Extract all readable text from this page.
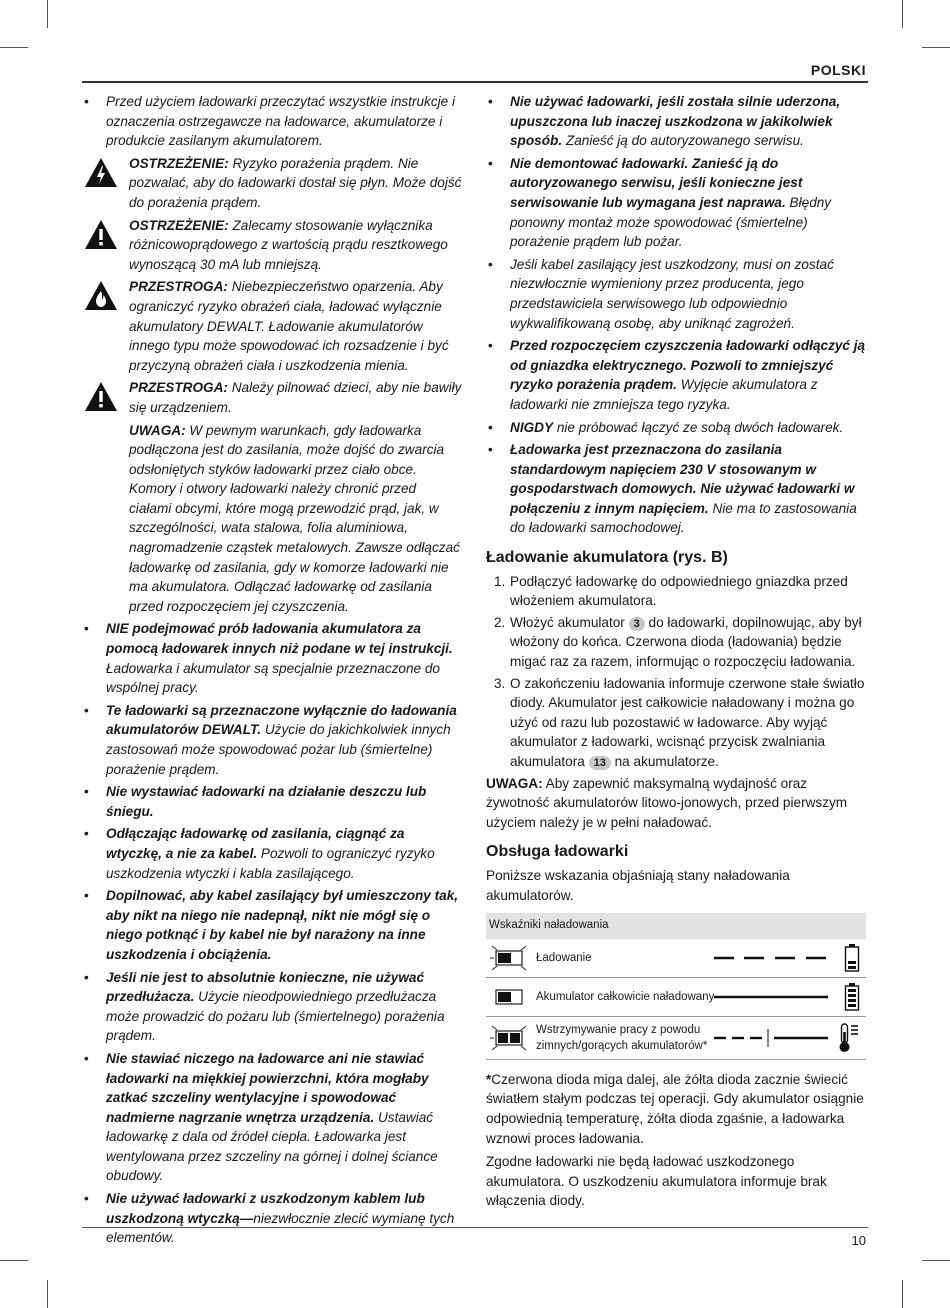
POLSKI
• Przed użyciem ładowarki przeczytać wszystkie instrukcje i oznaczenia ostrzegawcze na ładowarce, akumulatorze i produkcie zasilanym akumulatorem.
OSTRZEŻENIE: Ryzyko porażenia prądem. Nie pozwalać, aby do ładowarki dostał się płyn. Może dojść do porażenia prądem.
OSTRZEŻENIE: Zalecamy stosowanie wyłącznika różnicowoprądowego z wartością prądu resztkowego wynoszącą 30 mA lub mniejszą.
PRZESTROGA: Niebezpieczeństwo oparzenia. Aby ograniczyć ryzyko obrażeń ciała, ładować wyłącznie akumulatory DEWALT. Ładowanie akumulatorów innego typu może spowodować ich rozsadzenie i być przyczyną obrażeń ciała i uszkodzenia mienia.
PRZESTROGA: Należy pilnować dzieci, aby nie bawiły się urządzeniem.
UWAGA: W pewnym warunkach, gdy ładowarka podłączona jest do zasilania, może dojść do zwarcia odsłoniętych styków ładowarki przez ciało obce. Komory i otwory ładowarki należy chronić przed ciałami obcymi, które mogą przewodzić prąd, jak, w szczególności, wata stalowa, folia aluminiowa, nagromadzenie cząstek metalowych. Zawsze odłączać ładowarkę od zasilania, gdy w komorze ładowarki nie ma akumulatora. Odłączać ładowarkę od zasilania przed rozpoczęciem jej czyszczenia.
• NIE podejmować prób ładowania akumulatora za pomocą ładowarek innych niż podane w tej instrukcji. Ładowarka i akumulator są specjalnie przeznaczone do wspólnej pracy.
• Te ładowarki są przeznaczone wyłącznie do ładowania akumulatorów DEWALT. Użycie do jakichkolwiek innych zastosowań może spowodować pożar lub (śmiertelne) porażenie prądem.
• Nie wystawiać ładowarki na działanie deszczu lub śniegu.
• Odłączając ładowarkę od zasilania, ciągnąć za wtyczkę, a nie za kabel. Pozwoli to ograniczyć ryzyko uszkodzenia wtyczki i kabla zasilającego.
• Dopilnować, aby kabel zasilający był umieszczony tak, aby nikt na niego nie nadepnął, nikt nie mógł się o niego potknąć i by kabel nie był narażony na inne uszkodzenia i obciążenia.
• Jeśli nie jest to absolutnie konieczne, nie używać przedłużacza. Użycie nieodpowiedniego przedłużacza może prowadzić do pożaru lub (śmiertelnego) porażenia prądem.
• Nie stawiać niczego na ładowarce ani nie stawiać ładowarki na miękkiej powierzchni, która mogłaby zatkać szczeliny wentylacyjne i spowodować nadmierne nagrzanie wnętrza urządzenia. Ustawiać ładowarkę z dala od źródeł ciepła. Ładowarka jest wentylowana przez szczeliny na górnej i dolnej ściance obudowy.
• Nie używać ładowarki z uszkodzonym kablem lub uszkodzoną wtyczką—niezwłocznie zlecić wymianę tych elementów.
• Nie używać ładowarki, jeśli została silnie uderzona, upuszczona lub inaczej uszkodzona w jakikolwiek sposób. Zanieść ją do autoryzowanego serwisu.
• Nie demontować ładowarki. Zanieść ją do autoryzowanego serwisu, jeśli konieczne jest serwisowanie lub wymagana jest naprawa. Błędny ponowny montaż może spowodować (śmiertelne) porażenie prądem lub pożar.
• Jeśli kabel zasilający jest uszkodzony, musi on zostać niezwłocznie wymieniony przez producenta, jego przedstawiciela serwisowego lub odpowiednio wykwalifikowaną osobę, aby uniknąć zagrożeń.
• Przed rozpoczęciem czyszczenia ładowarki odłączyć ją od gniazdka elektrycznego. Pozwoli to zmniejszyć ryzyko porażenia prądem. Wyjęcie akumulatora z ładowarki nie zmniejsza tego ryzyka.
• NIGDY nie próbować łączyć ze sobą dwóch ładowarek.
• Ładowarka jest przeznaczona do zasilania standardowym napięciem 230 V stosowanym w gospodarstwach domowych. Nie używać ładowarki w połączeniu z innym napięciem. Nie ma to zastosowania do ładowarki samochodowej.
Ładowanie akumulatora (rys. B)
1. Podłączyć ładowarkę do odpowiedniego gniazdka przed włożeniem akumulatora.
2. Włożyć akumulator 3 do ładowarki, dopilnowując, aby był włożony do końca. Czerwona dioda (ładowania) będzie migać raz za razem, informując o rozpoczęciu ładowania.
3. O zakończeniu ładowania informuje czerwone stałe światło diody. Akumulator jest całkowicie naładowany i można go użyć od razu lub pozostawić w ładowarce. Aby wyjąć akumulator z ładowarki, wcisnąć przycisk zwalniania akumulatora 13 na akumulatorze.
UWAGA: Aby zapewnić maksymalną wydajność oraz żywotność akumulatorów litowo-jonowych, przed pierwszym użyciem należy je w pełni naładować.
Obsługa ładowarki
Poniższe wskazania objaśniają stany naładowania akumulatorów.
Wskaźniki naładowania
Ładowanie
Akumulator całkowicie naładowany
Wstrzymywanie pracy z powodu zimnych/gorących akumulatorów*
*Czerwona dioda miga dalej, ale żółta dioda zacznie świecić światłem stałym podczas tej operacji. Gdy akumulator osiągnie odpowiednią temperaturę, żółta dioda zgaśnie, a ładowarka wznowi proces ładowania.
Zgodne ładowarki nie będą ładować uszkodzonego akumulatora. O uszkodzeniu akumulatora informuje brak włączenia diody.
10
